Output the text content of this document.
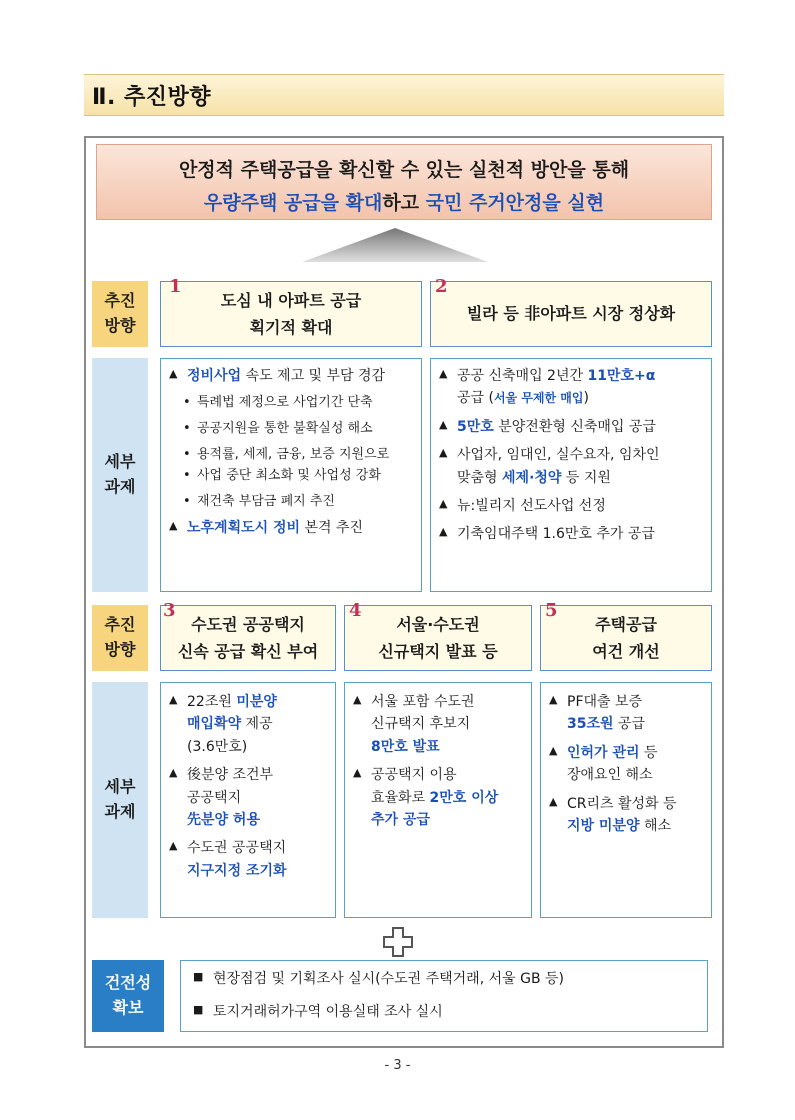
Ⅱ. 추진방향
안정적 주택공급을 확신할 수 있는 실천적 방안을 통해
우량주택 공급을 확대하고 국민 주거안정을 실현
추진
방향
세부
과제
1
도심 내 아파트 공급
획기적 확대
2
빌라 등 非아파트 시장 정상화
▲ 정비사업 속도 제고 및 부담 경감
• 특례법 제정으로 사업기간 단축
• 공공지원을 통한 불확실성 해소
• 용적률, 세제, 금융, 보증 지원으로
• 사업 중단 최소화 및 사업성 강화
• 재건축 부담금 폐지 추진
▲ 노후계획도시 정비 본격 추진
▲ 공공 신축매입 2년간 11만호+α
공급 (서울 무제한 매입)
▲ 5만호 분양전환형 신축매입 공급
▲ 사업자, 임대인, 실수요자, 임차인
맞춤형 세제·청약 등 지원
▲ 뉴:빌리지 선도사업 선정
▲ 기축임대주택 1.6만호 추가 공급
추진
방향
세부
과제
3
수도권 공공택지
신속 공급 확신 부여
4
서울·수도권
신규택지 발표 등
5
주택공급
여건 개선
▲ 22조원 미분양
매입확약 제공
(3.6만호)
▲ 後분양 조건부
공공택지
先분양 허용
▲ 수도권 공공택지
지구지정 조기화
▲ 서울 포함 수도권
신규택지 후보지
8만호 발표
▲ 공공택지 이용
효율화로 2만호 이상
추가 공급
▲ PF대출 보증
35조원 공급
▲ 인허가 관리 등
장애요인 해소
▲ CR리츠 활성화 등
지방 미분양 해소
건전성
확보
■ 현장점검 및 기획조사 실시(수도권 주택거래, 서울 GB 등)
■ 토지거래허가구역 이용실태 조사 실시
- 3 -
